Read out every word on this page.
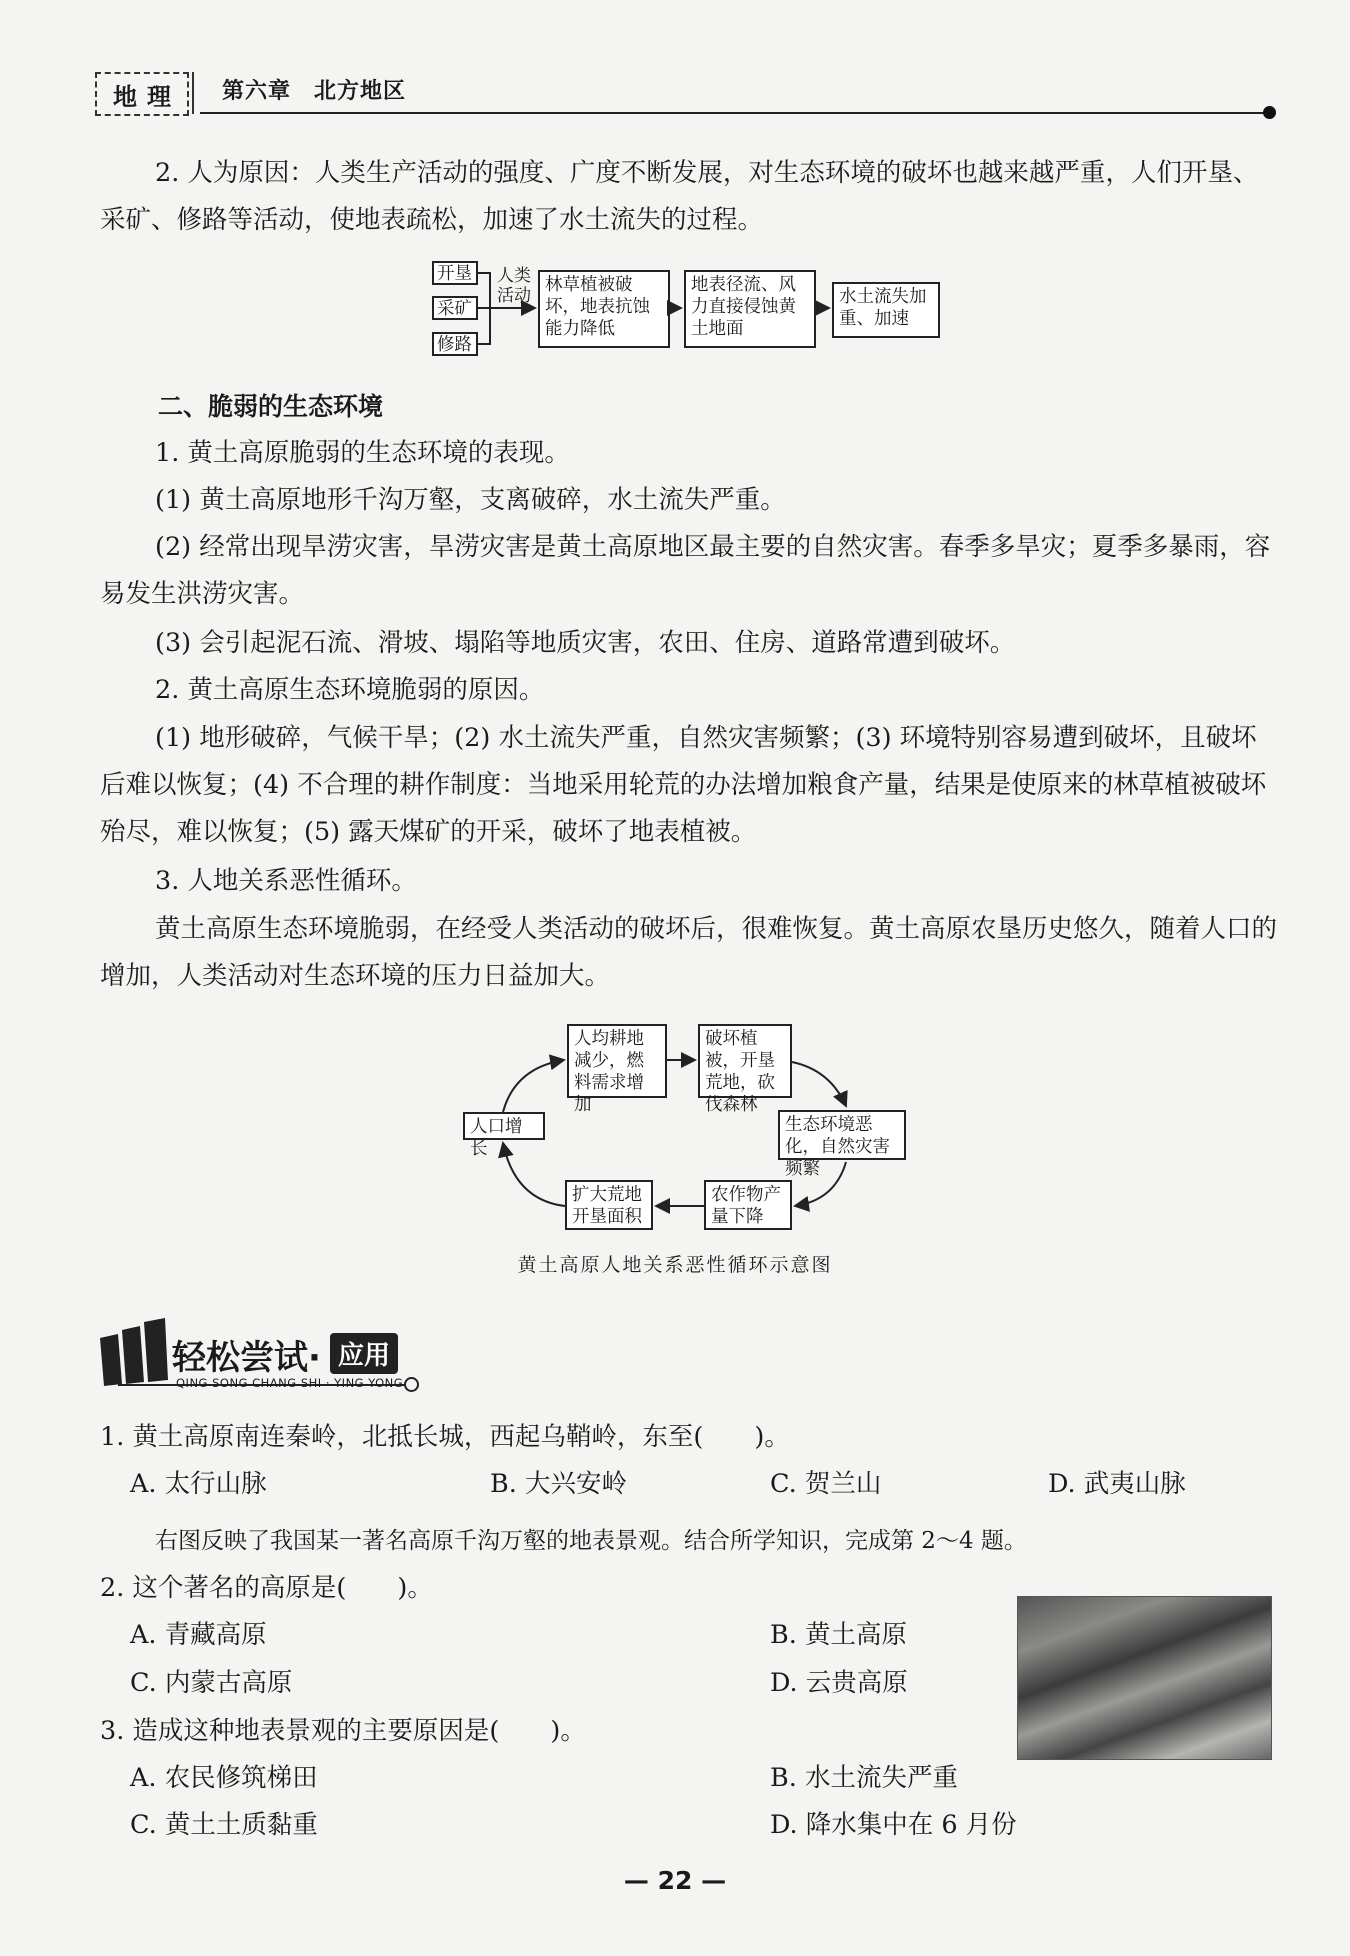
地 理 第六章　北方地区

2. 人为原因：人类生产活动的强度、广度不断发展，对生态环境的破坏也越来越严重，人们开垦、采矿、修路等活动，使地表疏松，加速了水土流失的过程。

开垦
采矿
修路
人类活动
林草植被破坏，地表抗蚀能力降低
地表径流、风力直接侵蚀黄土地面
水土流失加重、加速

二、脆弱的生态环境

1. 黄土高原脆弱的生态环境的表现。

(1) 黄土高原地形千沟万壑，支离破碎，水土流失严重。

(2) 经常出现旱涝灾害，旱涝灾害是黄土高原地区最主要的自然灾害。春季多旱灾；夏季多暴雨，容易发生洪涝灾害。

(3) 会引起泥石流、滑坡、塌陷等地质灾害，农田、住房、道路常遭到破坏。

2. 黄土高原生态环境脆弱的原因。

(1) 地形破碎，气候干旱；(2) 水土流失严重，自然灾害频繁；(3) 环境特别容易遭到破坏，且破坏后难以恢复；(4) 不合理的耕作制度：当地采用轮荒的办法增加粮食产量，结果是使原来的林草植被破坏殆尽，难以恢复；(5) 露天煤矿的开采，破坏了地表植被。

3. 人地关系恶性循环。

黄土高原生态环境脆弱，在经受人类活动的破坏后，很难恢复。黄土高原农垦历史悠久，随着人口的增加，人类活动对生态环境的压力日益加大。

人均耕地减少，燃料需求增加
破坏植被，开垦荒地，砍伐森林
生态环境恶化，自然灾害频繁
农作物产量下降
扩大荒地开垦面积
人口增长
黄土高原人地关系恶性循环示意图
轻松尝试· 应用
QING SONG CHANG SHI · YING YONG

1. 黄土高原南连秦岭，北抵长城，西起乌鞘岭，东至(　　)。

A. 太行山脉	B. 大兴安岭	C. 贺兰山	D. 武夷山脉

右图反映了我国某一著名高原千沟万壑的地表景观。结合所学知识，完成第 2～4 题。

2. 这个著名的高原是(　　)。

A. 青藏高原	B. 黄土高原
C. 内蒙古高原	D. 云贵高原

3. 造成这种地表景观的主要原因是(　　)。

A. 农民修筑梯田	B. 水土流失严重
C. 黄土土质黏重	D. 降水集中在 6 月份
— 22 —
